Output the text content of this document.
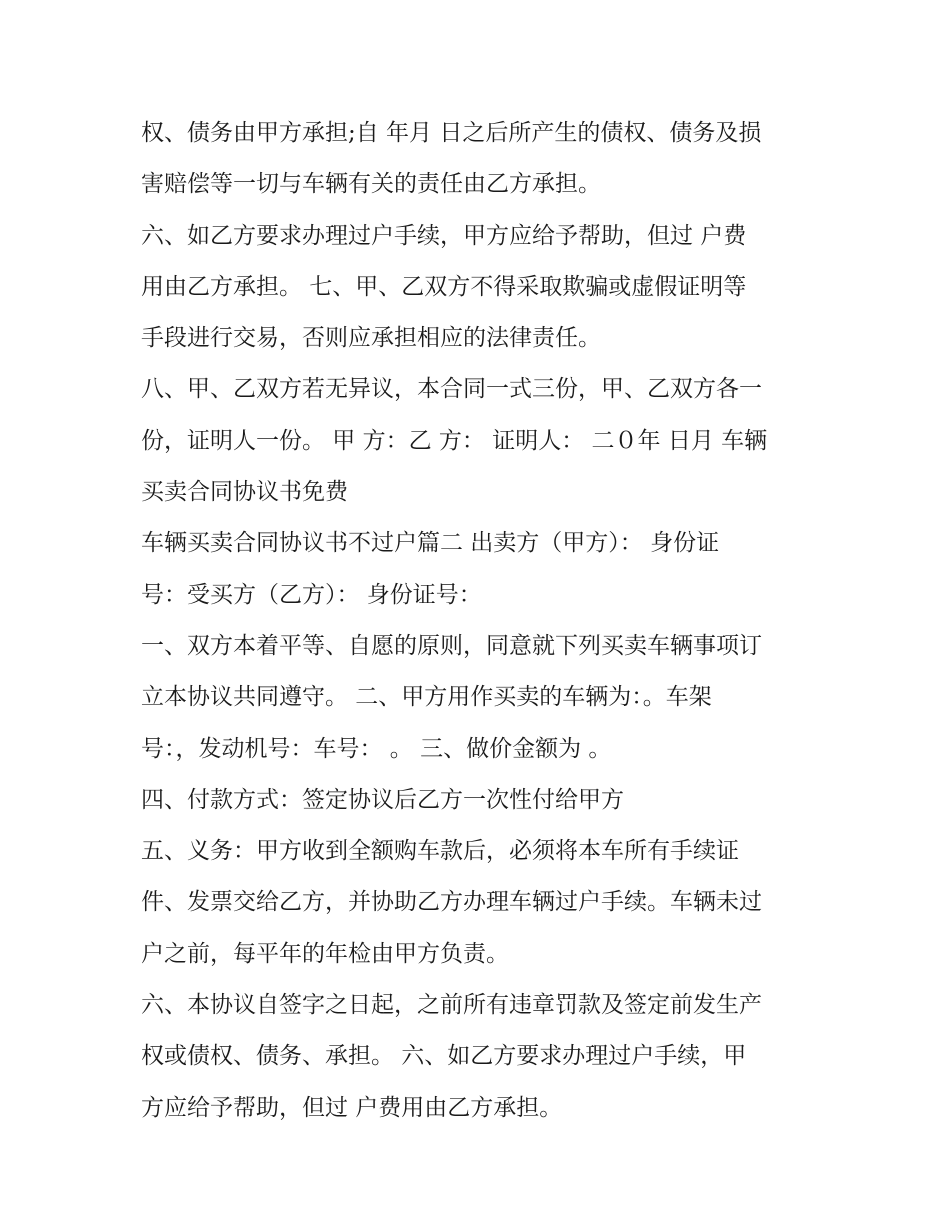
权、债务由甲方承担;自 年月 日之后所产生的债权、债务及损
害赔偿等一切与车辆有关的责任由乙方承担。
六、如乙方要求办理过户手续，甲方应给予帮助，但过 户费
用由乙方承担。 七、甲、乙双方不得采取欺骗或虚假证明等
手段进行交易，否则应承担相应的法律责任。
八、甲、乙双方若无异议，本合同一式三份，甲、乙双方各一
份，证明人一份。 甲 方：乙 方： 证明人： 二０年 日月 车辆
买卖合同协议书免费
车辆买卖合同协议书不过户篇二 出卖方（甲方）： 身份证
号：受买方（乙方）： 身份证号：
一、双方本着平等、自愿的原则，同意就下列买卖车辆事项订
立本协议共同遵守。 二、甲方用作买卖的车辆为：。车架
号：，发动机号：车号： 。 三、做价金额为 。
四、付款方式：签定协议后乙方一次性付给甲方
五、义务：甲方收到全额购车款后，必须将本车所有手续证
件、发票交给乙方，并协助乙方办理车辆过户手续。车辆未过
户之前，每平年的年检由甲方负责。
六、本协议自签字之日起，之前所有违章罚款及签定前发生产
权或债权、债务、承担。 六、如乙方要求办理过户手续，甲
方应给予帮助，但过 户费用由乙方承担。
